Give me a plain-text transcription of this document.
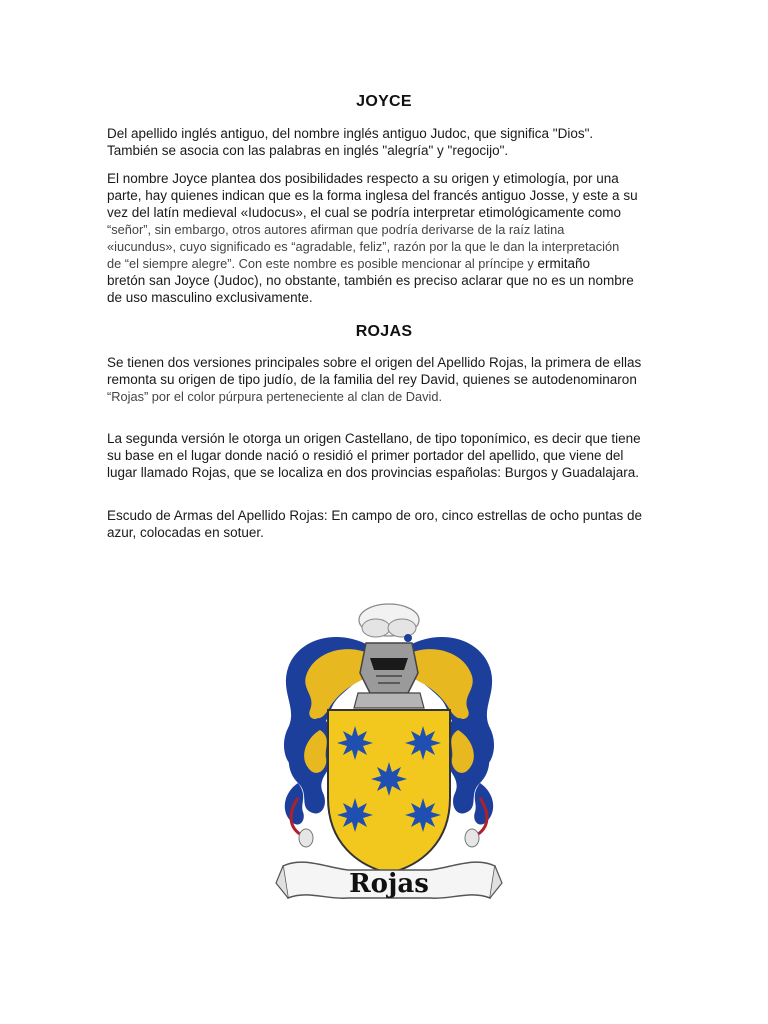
JOYCE
Del apellido inglés antiguo, del nombre inglés antiguo Judoc, que significa "Dios".
También se asocia con las palabras en inglés "alegría" y "regocijo".
El nombre Joyce plantea dos posibilidades respecto a su origen y etimología, por una
parte, hay quienes indican que es la forma inglesa del francés antiguo Josse, y este a su
vez del latín medieval «Iudocus», el cual se podría interpretar etimológicamente como
“señor”, sin embargo, otros autores afirman que podría derivarse de la raíz latina
«iucundus», cuyo significado es “agradable, feliz”, razón por la que le dan la interpretación
de “el siempre alegre”. Con este nombre es posible mencionar al príncipe y ermitaño
bretón san Joyce (Judoc), no obstante, también es preciso aclarar que no es un nombre
de uso masculino exclusivamente.
ROJAS
Se tienen dos versiones principales sobre el origen del Apellido Rojas, la primera de ellas
remonta su origen de tipo judío, de la familia del rey David, quienes se autodenominaron
“Rojas” por el color púrpura perteneciente al clan de David.
La segunda versión le otorga un origen Castellano, de tipo toponímico, es decir que tiene
su base en el lugar donde nació o residió el primer portador del apellido, que viene del
lugar llamado Rojas, que se localiza en dos provincias españolas: Burgos y Guadalajara.
Escudo de Armas del Apellido Rojas: En campo de oro, cinco estrellas de ocho puntas de
azur, colocadas en sotuer.
Rojas
